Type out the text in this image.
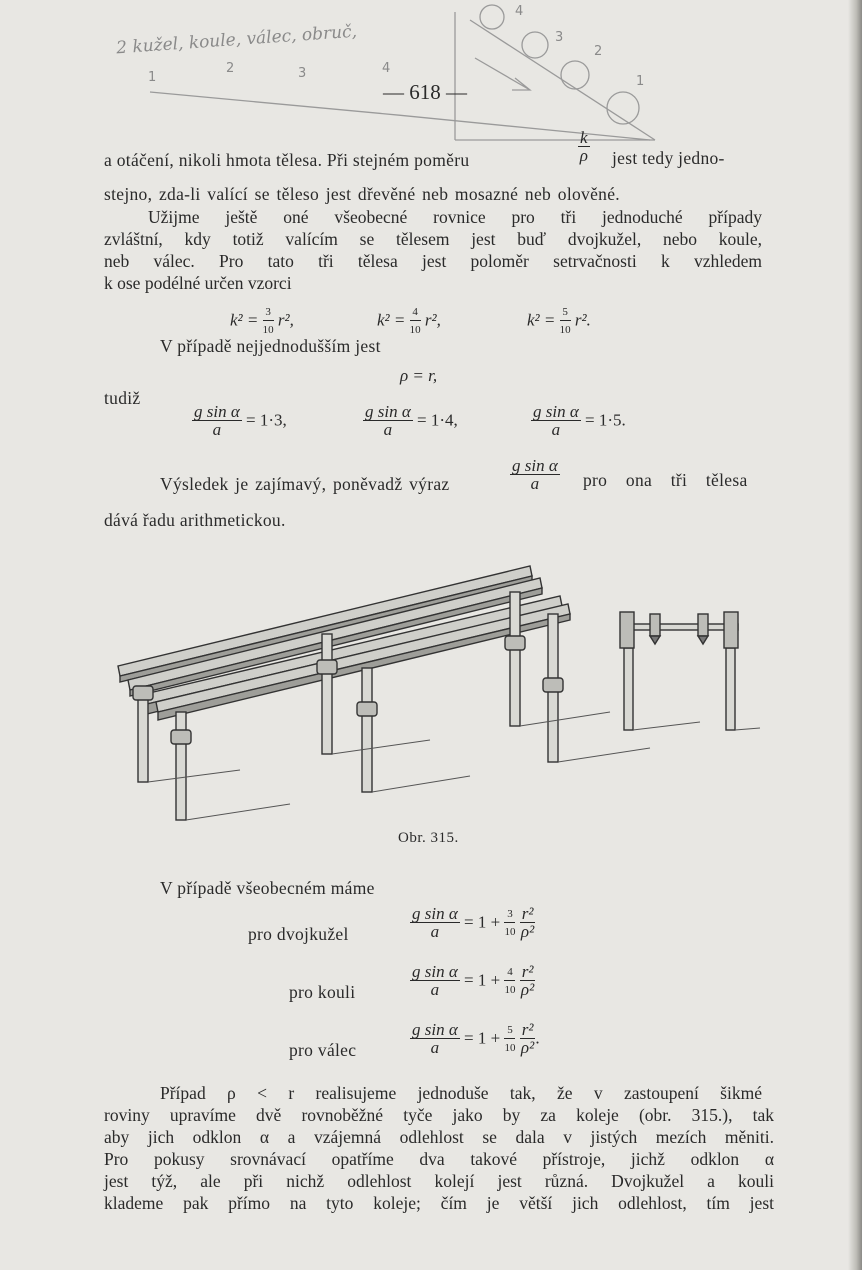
2 kužel, koule, válec, obruč,
1
2	3	4
4
3
2
1
— 618 —
a otáčení, nikoli hmota tělesa. Při stejném poměru	$\frac{k}{\rho}$ jest tedy jedno-
stejno, zda-li valící se těleso jest dřevěné neb mosazné neb olověné.
Užijme ještě oné všeobecné rovnice pro tři jednoduché případy
zvláštní, kdy totiž valícím se tělesem jest buď dvojkužel, nebo koule,
neb válec. Pro tato tři tělesa jest poloměr setrvačnosti k vzhledem
k ose podélné určen vzorci
$k^2 = \frac{3}{10} r^2$,	$k^2 = \frac{4}{10} r^2$,	$k^2 = \frac{5}{10} r^2$.
V případě nejjednodušším jest
ρ = r,
tudiž
$\frac{\text{g sin α}}{a} = 1\cdot 3$,	$\frac{\text{g sin α}}{a} = 1\cdot 4$,	$\frac{\text{g sin α}}{a} = 1\cdot 5$.
Výsledek je zajímavý, poněvadž výraz	$\frac{\text{g sin α}}{a}$ pro ona tři tělesa
dává řadu arithmetickou.
Obr. 315.
V případě všeobecném máme
pro dvojkužel	$\frac{\text{g sin α}}{a} = 1 + \frac{3}{10}$
$\frac{\text{r²}}{\text{ρ²}}$
pro kouli	$\frac{\text{g sin α}}{a} = 1 + \frac{4}{10}$
$\frac{\text{r²}}{\text{ρ²}}$
pro válec	$\frac{\text{g sin α}}{a} = 1 + \frac{5}{10}$
$\frac{\text{r²}}{\text{ρ²}}$ .
Případ ρ < r realisujeme jednoduše tak, že v zastoupení šikmé
roviny upravíme dvě rovnoběžné tyče jako by za koleje (obr. 315.), tak
aby jich odklon α a vzájemná odlehlost se dala v jistých mezích měniti.
Pro pokusy srovnávací opatříme dva takové přístroje, jichž odklon α
jest týž, ale při nichž odlehlost kolejí jest různá. Dvojkužel a kouli
klademe pak přímo na tyto koleje; čím je větší jich odlehlost, tím jest
